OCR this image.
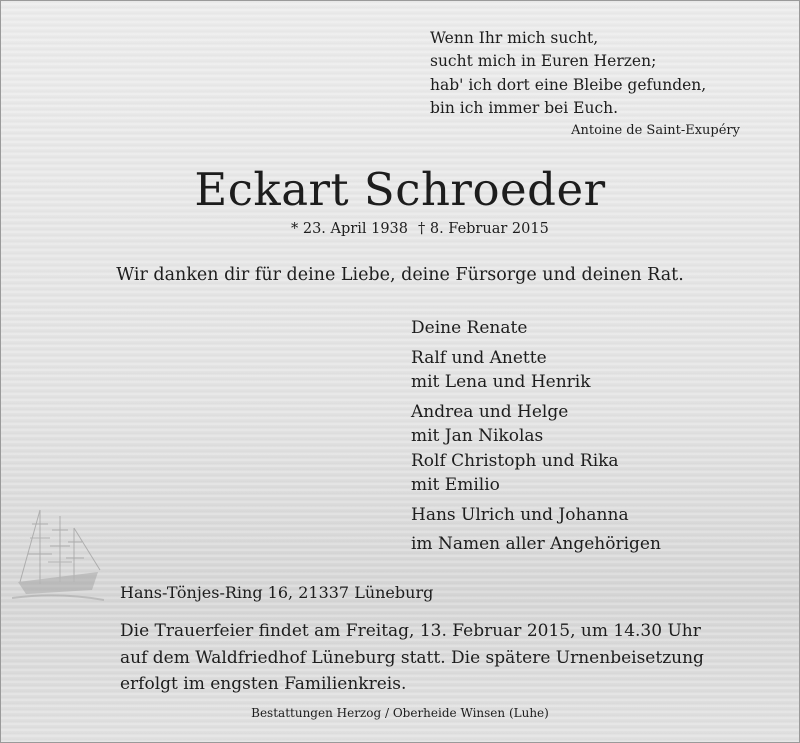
Wenn Ihr mich sucht,
sucht mich in Euren Herzen;
hab' ich dort eine Bleibe gefunden,
bin ich immer bei Euch.
Antoine de Saint-Exupéry
Eckart Schroeder
* 23. April 1938 † 8. Februar 2015
Wir danken dir für deine Liebe, deine Fürsorge und deinen Rat.
Deine Renate
Ralf und Anette
mit Lena und Henrik
Andrea und Helge
mit Jan Nikolas
Rolf Christoph und Rika
mit Emilio
Hans Ulrich und Johanna
im Namen aller Angehörigen
Hans-Tönjes-Ring 16, 21337 Lüneburg
Die Trauerfeier findet am Freitag, 13. Februar 2015, um 14.30 Uhr
auf dem Waldfriedhof Lüneburg statt. Die spätere Urnenbeisetzung
erfolgt im engsten Familienkreis.
Bestattungen Herzog / Oberheide Winsen (Luhe)
